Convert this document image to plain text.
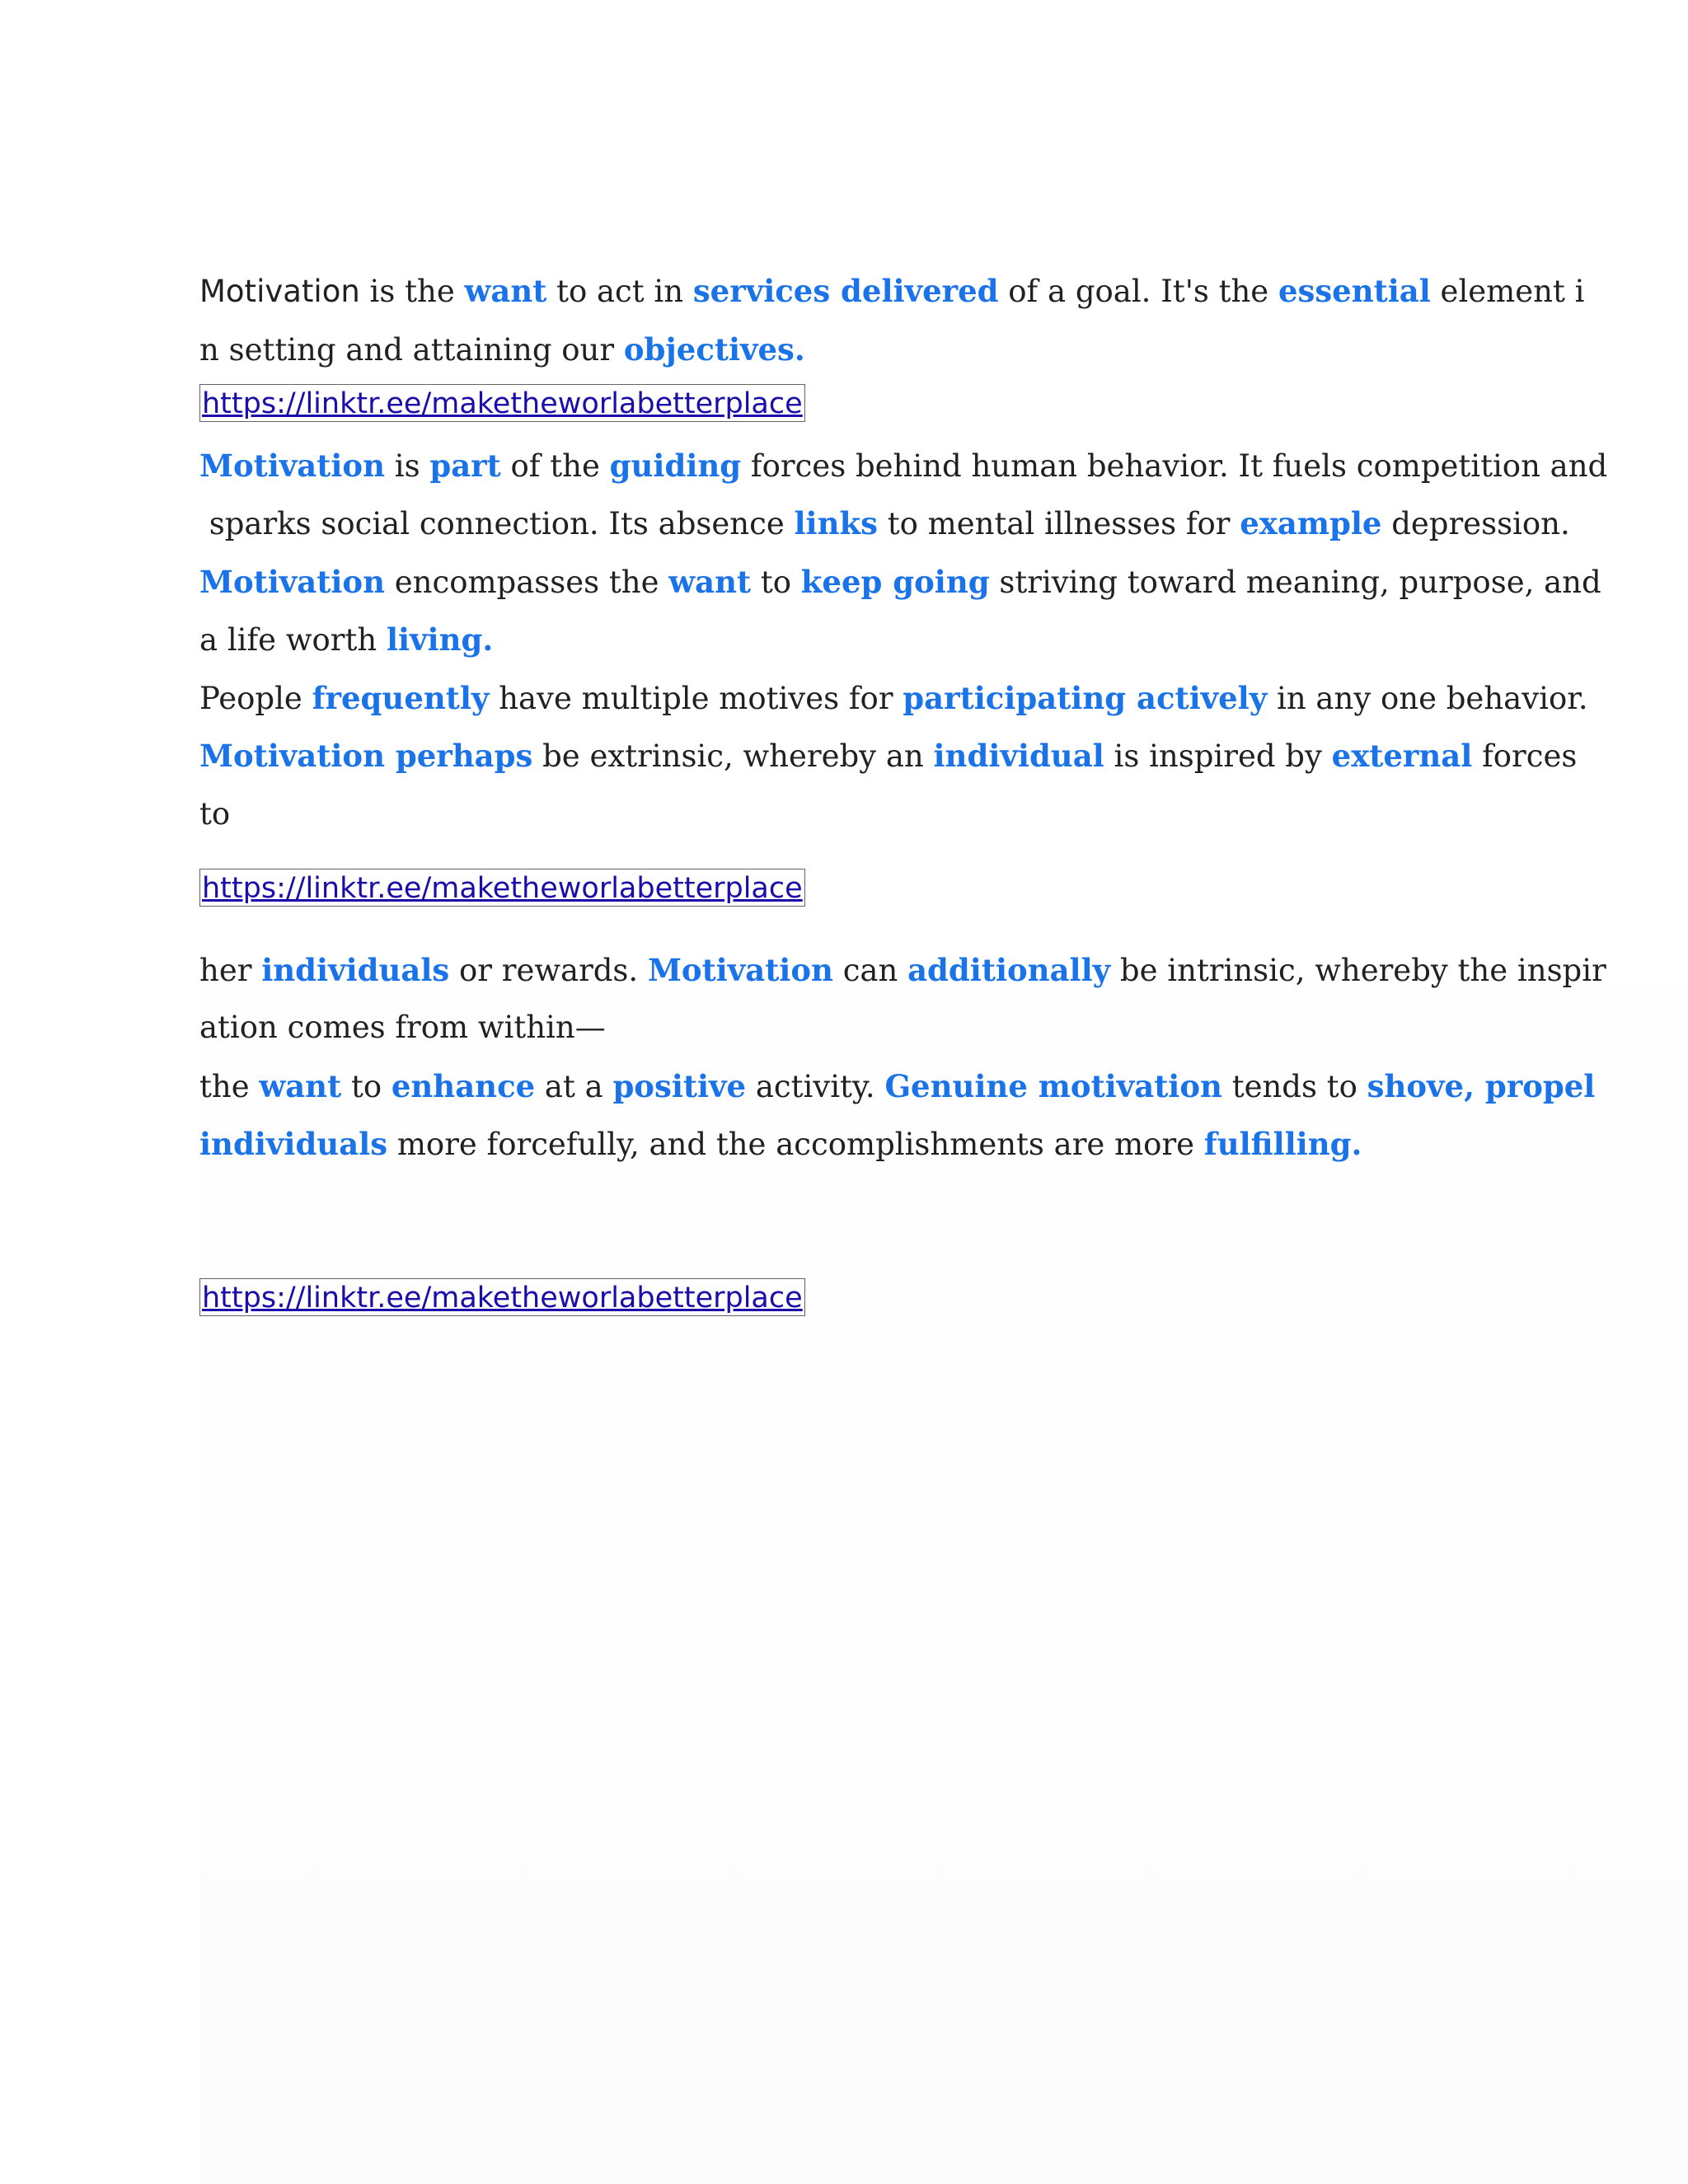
Motivation is the want to act in services delivered of a goal. It's the essential element i
n setting and attaining our objectives.
https://linktr.ee/maketheworlabetterplace
Motivation is part of the guiding forces behind human behavior. It fuels competition and
sparks social connection. Its absence links to mental illnesses for example depression.
Motivation encompasses the want to keep going striving toward meaning, purpose, and
a life worth living.
People frequently have multiple motives for participating actively in any one behavior.
Motivation perhaps be extrinsic, whereby an individual is inspired by external forces
to
https://linktr.ee/maketheworlabetterplace
her individuals or rewards. Motivation can additionally be intrinsic, whereby the inspir
ation comes from within—
the want to enhance at a positive activity. Genuine motivation tends to shove, propel
individuals more forcefully, and the accomplishments are more fulfilling.
https://linktr.ee/maketheworlabetterplace
